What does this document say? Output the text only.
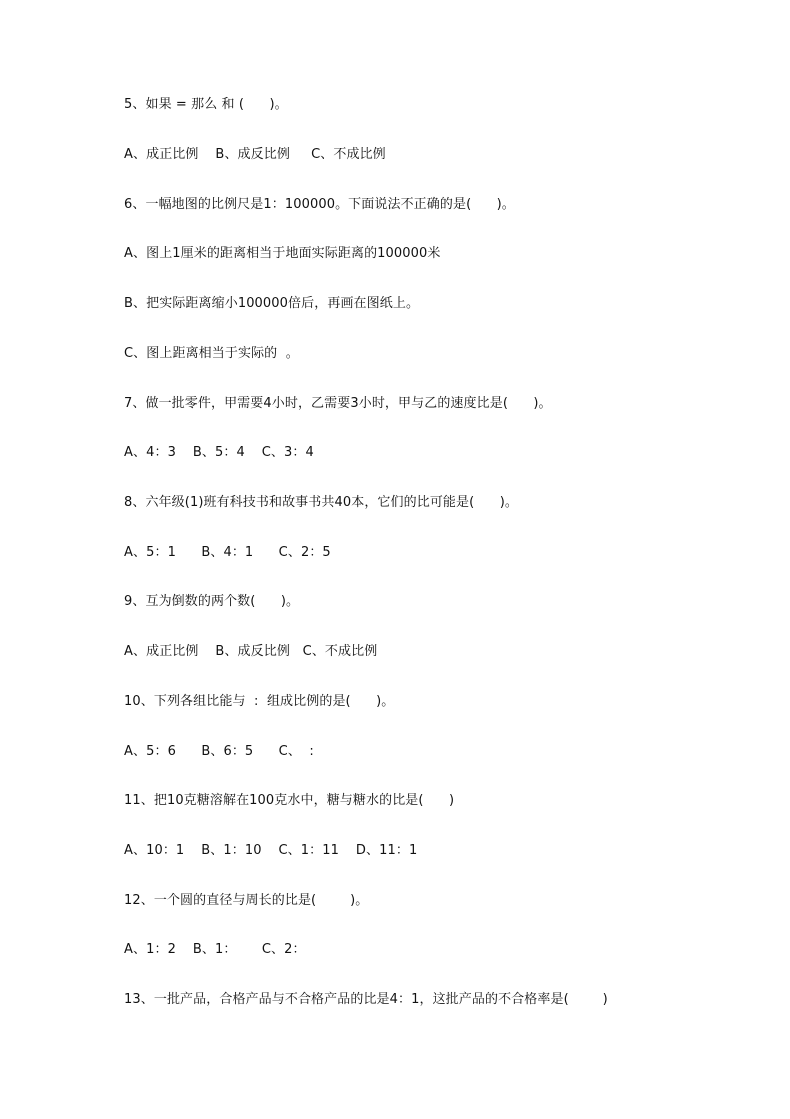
5、如果 = 那么 和 (      )。
A、成正比例    B、成反比例     C、不成比例
6、一幅地图的比例尺是1：100000。下面说法不正确的是(      )。
A、图上1厘米的距离相当于地面实际距离的100000米
B、把实际距离缩小100000倍后，再画在图纸上。
C、图上距离相当于实际的  。
7、做一批零件，甲需要4小时，乙需要3小时，甲与乙的速度比是(      )。
A、4：3    B、5：4    C、3：4
8、六年级(1)班有科技书和故事书共40本，它们的比可能是(      )。
A、5：1      B、4：1      C、2：5
9、互为倒数的两个数(      )。
A、成正比例    B、成反比例   C、不成比例
10、下列各组比能与  :  组成比例的是(      )。
A、5：6      B、6：5      C、  :
11、把10克糖溶解在100克水中，糖与糖水的比是(      )
A、10：1    B、1：10    C、1：11    D、11：1
12、一个圆的直径与周长的比是(        )。
A、1：2    B、1：      C、2：
13、一批产品，合格产品与不合格产品的比是4：1，这批产品的不合格率是(        )
